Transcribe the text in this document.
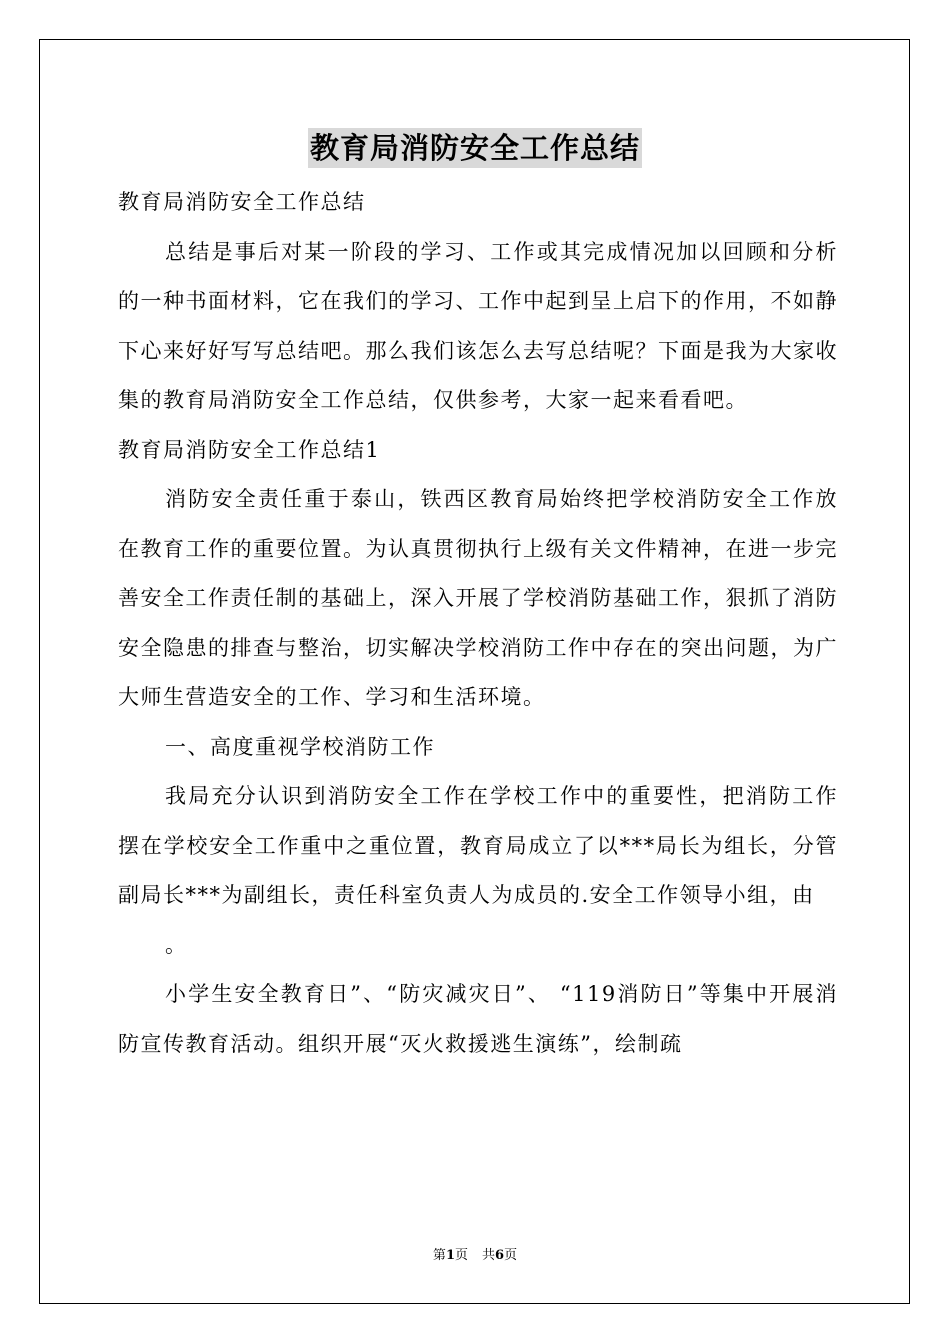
教育局消防安全工作总结

教育局消防安全工作总结

总结是事后对某一阶段的学习、工作或其完成情况加以回顾和分析的一种书面材料，它在我们的学习、工作中起到呈上启下的作用，不如静下心来好好写写总结吧。那么我们该怎么去写总结呢？下面是我为大家收集的教育局消防安全工作总结，仅供参考，大家一起来看看吧。

教育局消防安全工作总结1

消防安全责任重于泰山，铁西区教育局始终把学校消防安全工作放在教育工作的重要位置。为认真贯彻执行上级有关文件精神，在进一步完善安全工作责任制的基础上，深入开展了学校消防基础工作，狠抓了消防安全隐患的排查与整治，切实解决学校消防工作中存在的突出问题，为广大师生营造安全的工作、学习和生活环境。

一、高度重视学校消防工作

我局充分认识到消防安全工作在学校工作中的重要性，把消防工作摆在学校安全工作重中之重位置，教育局成立了以***局长为组长，分管副局长***为副组长，责任科室负责人为成员的.安全工作领导小组，由

。

小学生安全教育日”、“防灾减灾日”、 “119消防日”等集中开展消防宣传教育活动。组织开展“灭火救援逃生演练”，绘制疏

第1页 共6页
